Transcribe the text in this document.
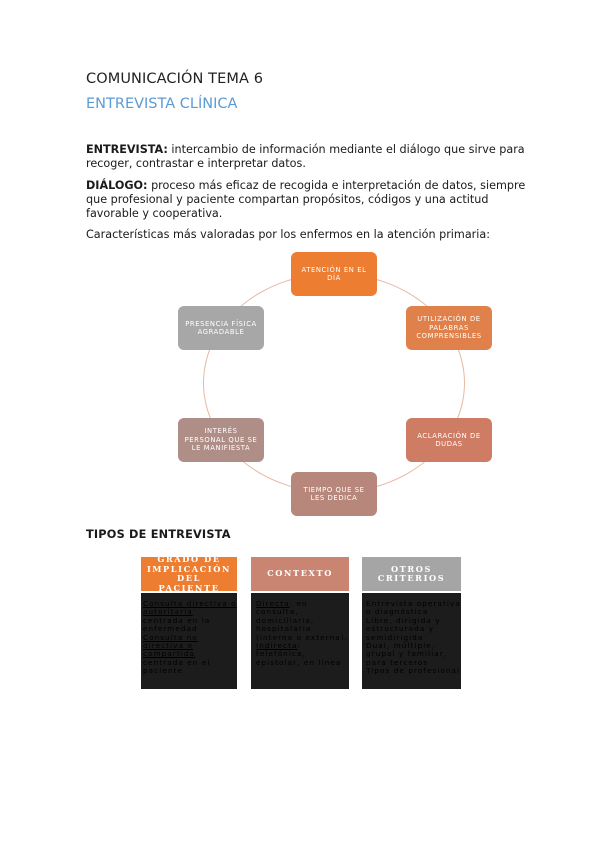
COMUNICACIÓN TEMA 6
ENTREVISTA CLÍNICA
ENTREVISTA: intercambio de información mediante el diálogo que sirve para recoger, contrastar e interpretar datos.
DIÁLOGO: proceso más eficaz de recogida e interpretación de datos, siempre que profesional y paciente compartan propósitos, códigos y una actitud favorable y cooperativa.
Características más valoradas por los enfermos en la atención primaria:
ATENCIÓN EN EL DÍA
UTILIZACIÓN DE PALABRAS COMPRENSIBLES
ACLARACIÓN DE DUDAS
TIEMPO QUE SE LES DEDICA
INTERÉS PERSONAL QUE SE LE MANIFIESTA
PRESENCIA FÍSICA AGRADABLE
TIPOS DE ENTREVISTA
GRADO DE IMPLICACIÓN DEL PACIENTE
CONTEXTO	OTROS CRITERIOS
Consulta directiva o autoritaria centrada en la enfermedad
Consulta no directiva o compartida centrada en el paciente
Directa: en consulta, domiciliaria, hospitalaria (interna o externa).
Indirecta: telefónica, epistolar, en línea
Entrevista operativa o diagnóstica
Libre, dirigida y estructurada y semidirigida
Dual, múltiple, grupal y familiar, para terceros
Tipos de profesional
